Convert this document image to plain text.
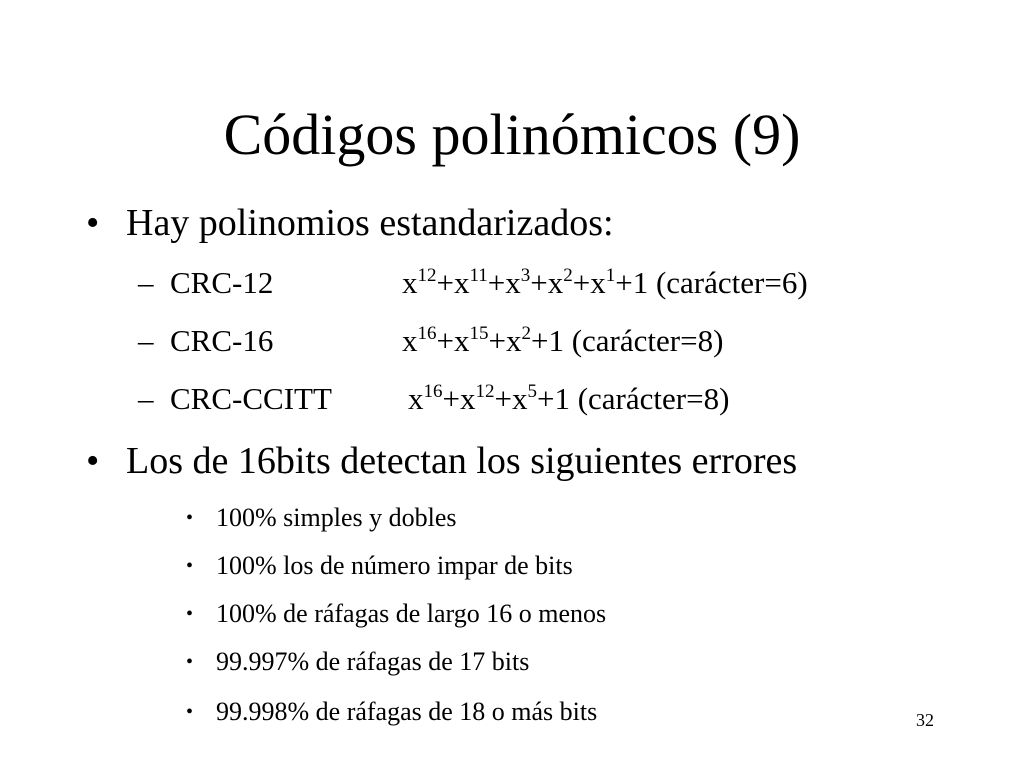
Códigos polinómicos (9)
• Hay polinomios estandarizados:
– CRC-12	$x^{12}+x^{11}+x^3+x^2+x^1+1$ (carácter=6)
– CRC-16	$x^{16}+x^{15}+x^2+1$ (carácter=8)
– CRC-CCITT $x^{16}+x^{12}+x^5+1$ (carácter=8)
• Los de 16bits detectan los siguientes errores
• 100% simples y dobles
• 100% los de número impar de bits
• 100% de ráfagas de largo 16 o menos
• 99.997% de ráfagas de 17 bits
• 99.998% de ráfagas de 18 o más bits	32
